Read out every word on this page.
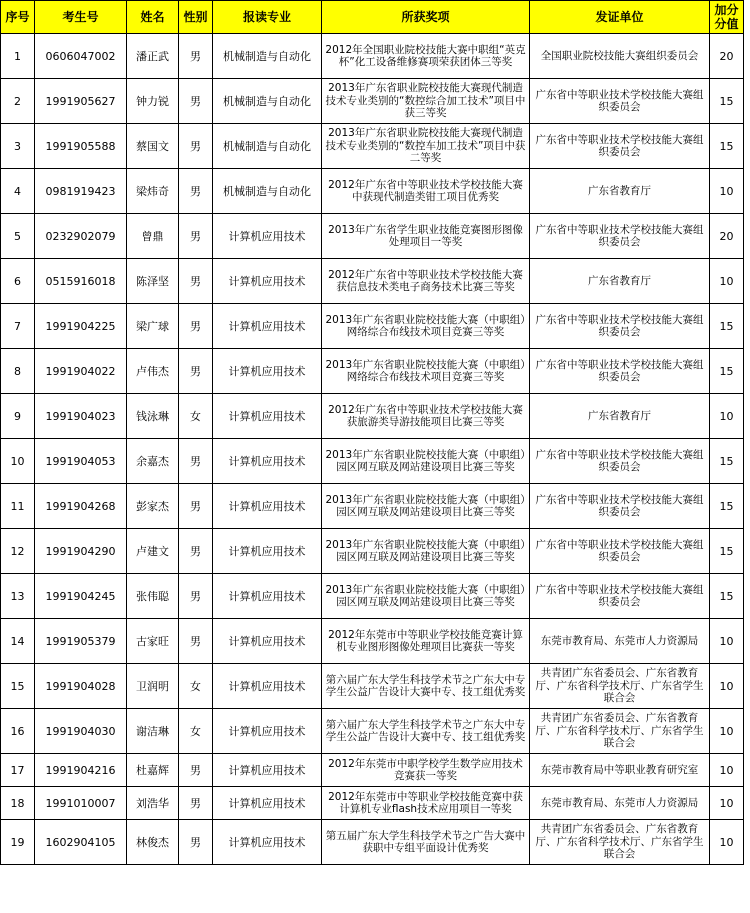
序号	考生号	姓名	性别	报读专业	所获奖项	发证单位	加分分值
1	0606047002	潘正武	男	机械制造与自动化	2012年全国职业院校技能大赛中职组“英克杯”化工设备维修赛项荣获团体三等奖	全国职业院校技能大赛组织委员会	20
2	1991905627	钟力锐	男	机械制造与自动化	2013年广东省职业院校技能大赛现代制造技术专业类别的“数控综合加工技术”项目中获三等奖	广东省中等职业技术学校技能大赛组织委员会	15
3	1991905588	蔡国文	男	机械制造与自动化	2013年广东省职业院校技能大赛现代制造技术专业类别的“数控车加工技术”项目中获二等奖	广东省中等职业技术学校技能大赛组织委员会	15
4	0981919423	梁炜奇	男	机械制造与自动化	2012年广东省中等职业技术学校技能大赛中获现代制造类钳工项目优秀奖	广东省教育厅	10
5	0232902079	曾鼎	男	计算机应用技术	2013年广东省学生职业技能竞赛图形图像处理项目一等奖	广东省中等职业技术学校技能大赛组织委员会	20
6	0515916018	陈泽坚	男	计算机应用技术	2012年广东省中等职业技术学校技能大赛获信息技术类电子商务技术比赛三等奖	广东省教育厅	10
7	1991904225	梁广球	男	计算机应用技术	2013年广东省职业院校技能大赛（中职组）网络综合布线技术项目竞赛三等奖	广东省中等职业技术学校技能大赛组织委员会	15
8	1991904022	卢伟杰	男	计算机应用技术	2013年广东省职业院校技能大赛（中职组）网络综合布线技术项目竞赛三等奖	广东省中等职业技术学校技能大赛组织委员会	15
9	1991904023	钱泳琳	女	计算机应用技术	2012年广东省中等职业技术学校技能大赛获旅游类导游技能项目比赛三等奖	广东省教育厅	10
10	1991904053	余嘉杰	男	计算机应用技术	2013年广东省职业院校技能大赛（中职组）园区网互联及网站建设项目比赛三等奖	广东省中等职业技术学校技能大赛组织委员会	15
11	1991904268	彭家杰	男	计算机应用技术	2013年广东省职业院校技能大赛（中职组）园区网互联及网站建设项目比赛三等奖	广东省中等职业技术学校技能大赛组织委员会	15
12	1991904290	卢建文	男	计算机应用技术	2013年广东省职业院校技能大赛（中职组）园区网互联及网站建设项目比赛三等奖	广东省中等职业技术学校技能大赛组织委员会	15
13	1991904245	张伟聪	男	计算机应用技术	2013年广东省职业院校技能大赛（中职组）园区网互联及网站建设项目比赛三等奖	广东省中等职业技术学校技能大赛组织委员会	15
14	1991905379	古家旺	男	计算机应用技术	2012年东莞市中等职业学校技能竞赛计算机专业图形图像处理项目比赛获一等奖	东莞市教育局、东莞市人力资源局	10
15	1991904028	卫润明	女	计算机应用技术	第六届广东大学生科技学术节之广东大中专学生公益广告设计大赛中专、技工组优秀奖	共青团广东省委员会、广东省教育厅、广东省科学技术厅、广东省学生联合会	10
16	1991904030	谢洁琳	女	计算机应用技术	第六届广东大学生科技学术节之广东大中专学生公益广告设计大赛中专、技工组优秀奖	共青团广东省委员会、广东省教育厅、广东省科学技术厅、广东省学生联合会	10
17	1991904216	杜嘉辉	男	计算机应用技术	2012年东莞市中职学校学生数学应用技术竞赛获一等奖	东莞市教育局中等职业教育研究室	10
18	1991010007	刘浩华	男	计算机应用技术	2012年东莞市中等职业学校技能竞赛中获计算机专业flash技术应用项目一等奖	东莞市教育局、东莞市人力资源局	10
19	1602904105	林俊杰	男	计算机应用技术	第五届广东大学生科技学术节之广告大赛中获职中专组平面设计优秀奖	共青团广东省委员会、广东省教育厅、广东省科学技术厅、广东省学生联合会	10
